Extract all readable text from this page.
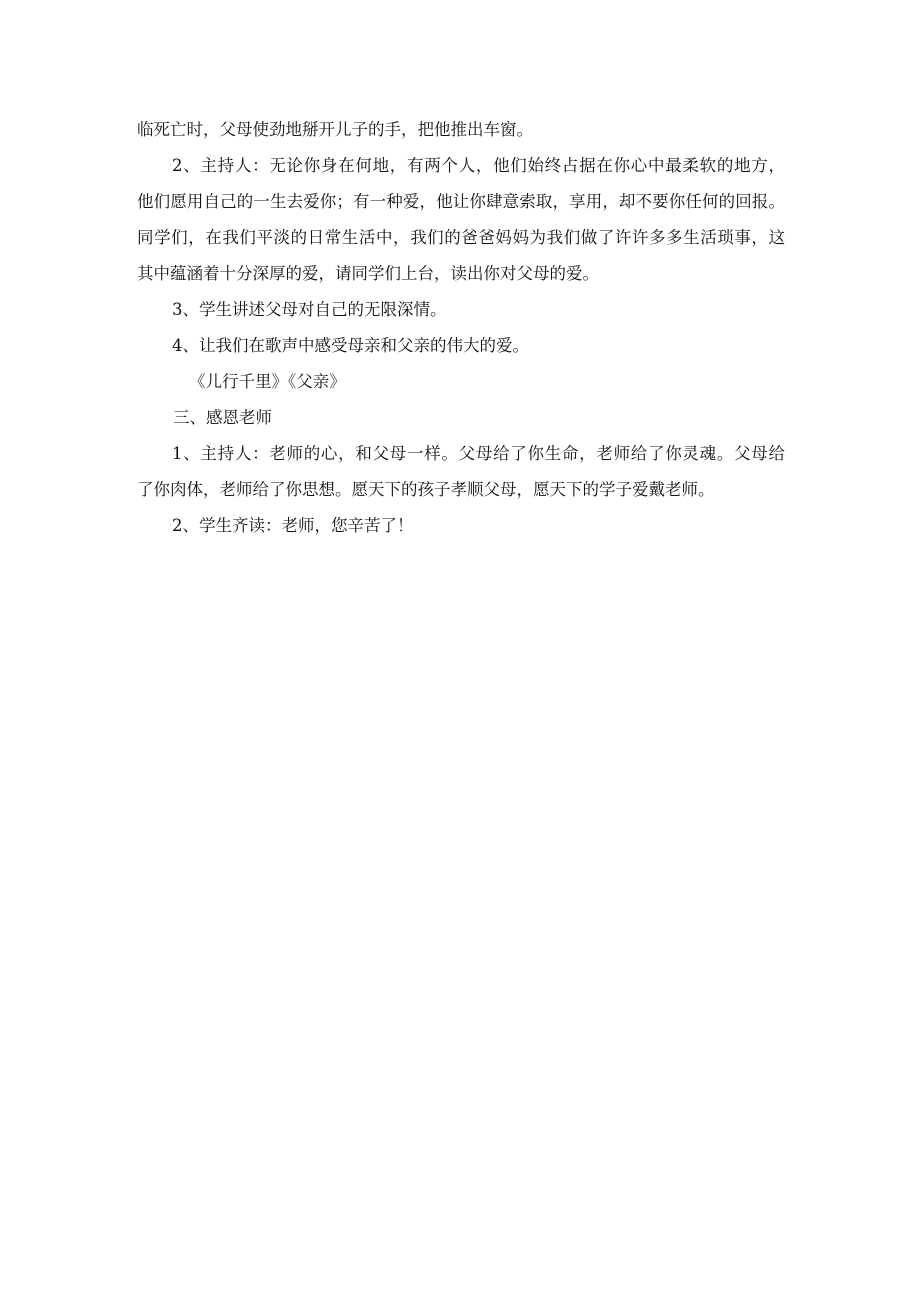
临死亡时，父母使劲地掰开儿子的手，把他推出车窗。
2、主持人：无论你身在何地，有两个人，他们始终占据在你心中最柔软的地方，
他们愿用自己的一生去爱你；有一种爱，他让你肆意索取，享用，却不要你任何的回报。
同学们，在我们平淡的日常生活中，我们的爸爸妈妈为我们做了许许多多生活琐事，这
其中蕴涵着十分深厚的爱，请同学们上台，读出你对父母的爱。
3、学生讲述父母对自己的无限深情。
4、让我们在歌声中感受母亲和父亲的伟大的爱。
《儿行千里》《父亲》
三、感恩老师
1、主持人：老师的心，和父母一样。父母给了你生命，老师给了你灵魂。父母给
了你肉体，老师给了你思想。愿天下的孩子孝顺父母，愿天下的学子爱戴老师。
2、学生齐读：老师，您辛苦了！
